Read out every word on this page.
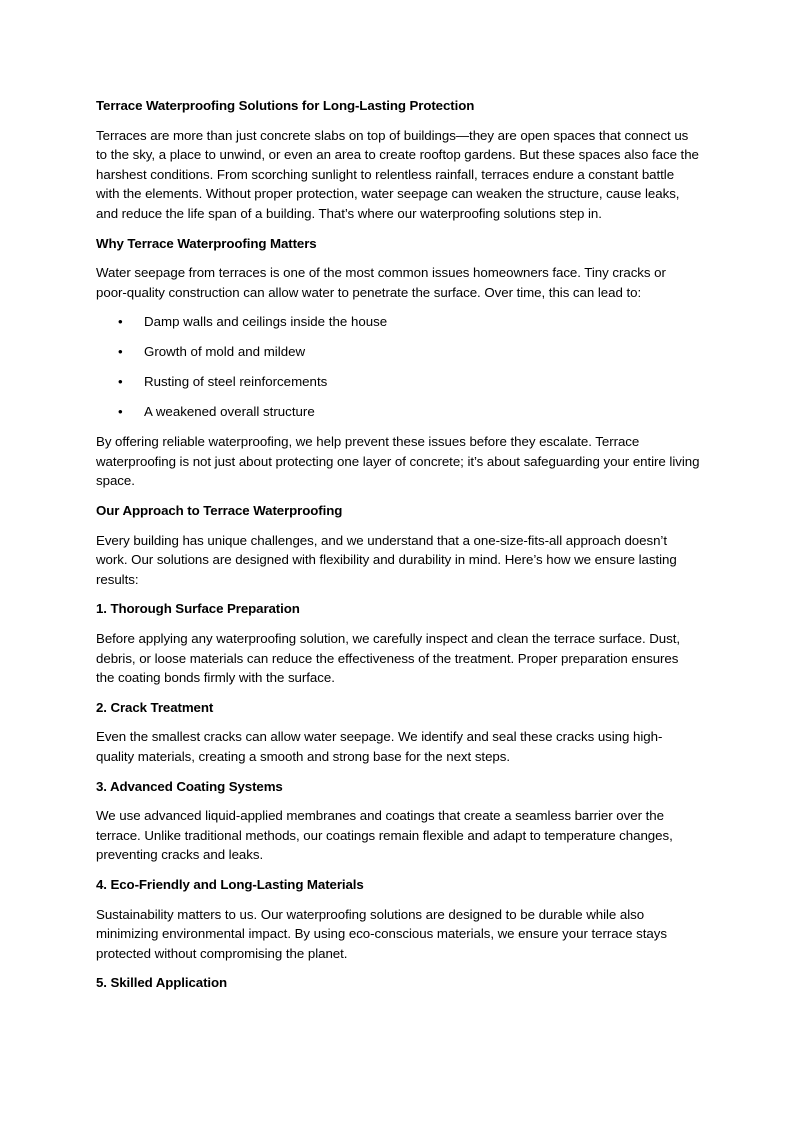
Terrace Waterproofing Solutions for Long-Lasting Protection

Terraces are more than just concrete slabs on top of buildings—they are open spaces that connect us to the sky, a place to unwind, or even an area to create rooftop gardens. But these spaces also face the harshest conditions. From scorching sunlight to relentless rainfall, terraces endure a constant battle with the elements. Without proper protection, water seepage can weaken the structure, cause leaks, and reduce the life span of a building. That’s where our waterproofing solutions step in.

Why Terrace Waterproofing Matters

Water seepage from terraces is one of the most common issues homeowners face. Tiny cracks or poor-quality construction can allow water to penetrate the surface. Over time, this can lead to:

• Damp walls and ceilings inside the house
• Growth of mold and mildew
• Rusting of steel reinforcements
• A weakened overall structure

By offering reliable waterproofing, we help prevent these issues before they escalate. Terrace waterproofing is not just about protecting one layer of concrete; it’s about safeguarding your entire living space.

Our Approach to Terrace Waterproofing

Every building has unique challenges, and we understand that a one-size-fits-all approach doesn’t work. Our solutions are designed with flexibility and durability in mind. Here’s how we ensure lasting results:

1. Thorough Surface Preparation

Before applying any waterproofing solution, we carefully inspect and clean the terrace surface. Dust, debris, or loose materials can reduce the effectiveness of the treatment. Proper preparation ensures the coating bonds firmly with the surface.

2. Crack Treatment

Even the smallest cracks can allow water seepage. We identify and seal these cracks using high-quality materials, creating a smooth and strong base for the next steps.

3. Advanced Coating Systems

We use advanced liquid-applied membranes and coatings that create a seamless barrier over the terrace. Unlike traditional methods, our coatings remain flexible and adapt to temperature changes, preventing cracks and leaks.

4. Eco-Friendly and Long-Lasting Materials

Sustainability matters to us. Our waterproofing solutions are designed to be durable while also minimizing environmental impact. By using eco-conscious materials, we ensure your terrace stays protected without compromising the planet.

5. Skilled Application
